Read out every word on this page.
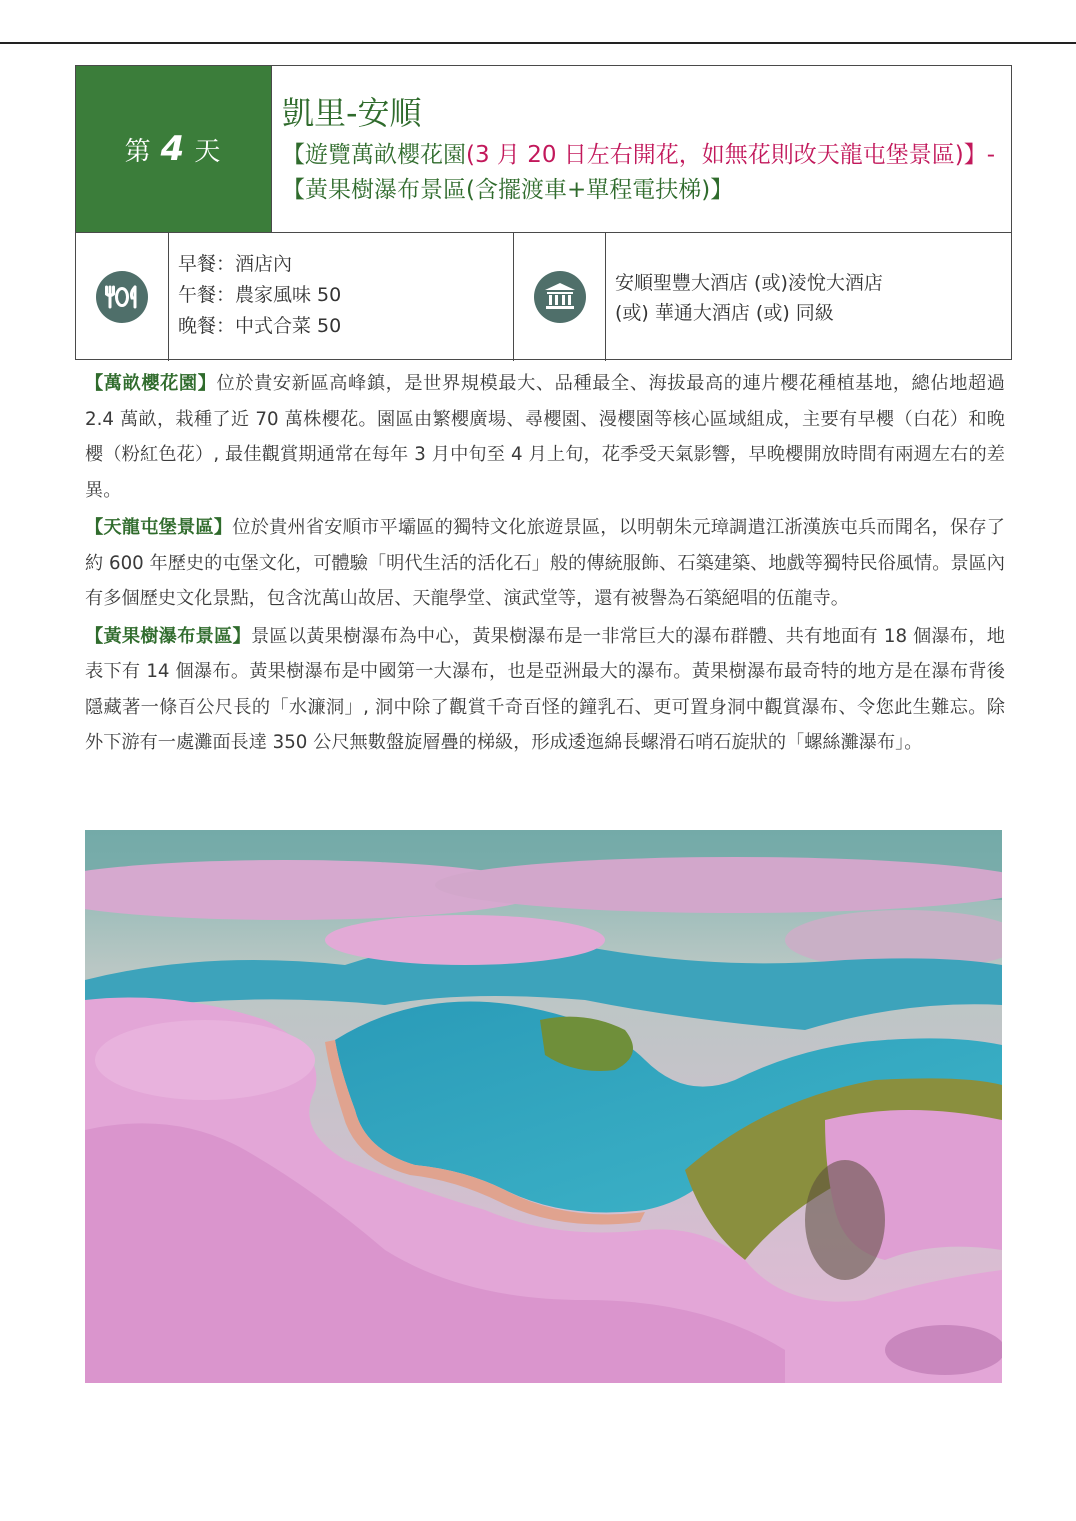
第 4 天
凱里-安順
【遊覽萬畝櫻花園(3 月 20 日左右開花，如無花則改天龍屯堡景區)】-
【黃果樹瀑布景區(含擺渡車+單程電扶梯)】
早餐：酒店內
午餐：農家風味 50
晚餐：中式合菜 50
安順聖豐大酒店 (或)淩悅大酒店
(或) 華通大酒店 (或) 同級

【萬畝櫻花園】位於貴安新區高峰鎮，是世界規模最大、品種最全、海拔最高的連片櫻花種植基地，總佔地超過 2.4 萬畝，栽種了近 70 萬株櫻花。園區由繁櫻廣場、尋櫻園、漫櫻園等核心區域組成，主要有早櫻（白花）和晚櫻（粉紅色花）, 最佳觀賞期通常在每年 3 月中旬至 4 月上旬，花季受天氣影響，早晚櫻開放時間有兩週左右的差異。

【天龍屯堡景區】位於貴州省安順市平壩區的獨特文化旅遊景區，以明朝朱元璋調遣江浙漢族屯兵而聞名，保存了約 600 年歷史的屯堡文化，可體驗「明代生活的活化石」般的傳統服飾、石築建築、地戲等獨特民俗風情。景區內有多個歷史文化景點，包含沈萬山故居、天龍學堂、演武堂等，還有被譽為石築絕唱的伍龍寺。

【黃果樹瀑布景區】景區以黃果樹瀑布為中心，黃果樹瀑布是一非常巨大的瀑布群體、共有地面有 18 個瀑布，地表下有 14 個瀑布。黃果樹瀑布是中國第一大瀑布，也是亞洲最大的瀑布。黃果樹瀑布最奇特的地方是在瀑布背後隱藏著一條百公尺長的「水濂洞」, 洞中除了觀賞千奇百怪的鐘乳石、更可置身洞中觀賞瀑布、令您此生難忘。除外下游有一處灘面長達 350 公尺無數盤旋層疊的梯級，形成逶迤綿長螺滑石哨石旋狀的「螺絲灘瀑布」。
